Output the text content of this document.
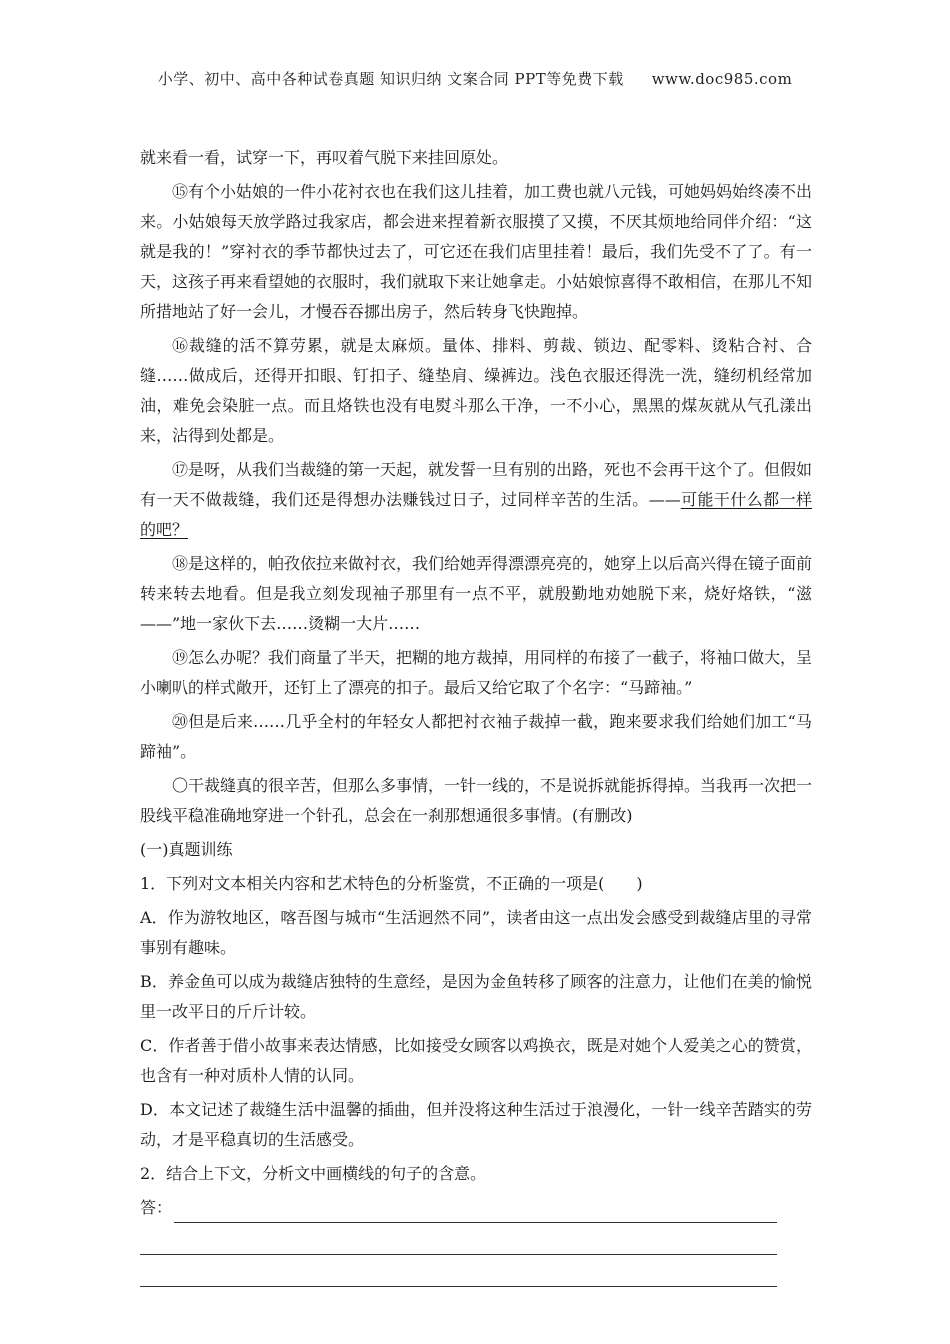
小学、初中、高中各种试卷真题 知识归纳 文案合同 PPT等免费下载 www.doc985.com

就来看一看，试穿一下，再叹着气脱下来挂回原处。

⑮有个小姑娘的一件小花衬衣也在我们这儿挂着，加工费也就八元钱，可她妈妈始终凑不出来。小姑娘每天放学路过我家店，都会进来捏着新衣服摸了又摸，不厌其烦地给同伴介绍：“这就是我的！”穿衬衣的季节都快过去了，可它还在我们店里挂着！最后，我们先受不了了。有一天，这孩子再来看望她的衣服时，我们就取下来让她拿走。小姑娘惊喜得不敢相信，在那儿不知所措地站了好一会儿，才慢吞吞挪出房子，然后转身飞快跑掉。

⑯裁缝的活不算劳累，就是太麻烦。量体、排料、剪裁、锁边、配零料、烫粘合衬、合缝……做成后，还得开扣眼、钉扣子、缝垫肩、缲裤边。浅色衣服还得洗一洗，缝纫机经常加油，难免会染脏一点。而且烙铁也没有电熨斗那么干净，一不小心，黑黑的煤灰就从气孔漾出来，沾得到处都是。

⑰是呀，从我们当裁缝的第一天起，就发誓一旦有别的出路，死也不会再干这个了。但假如有一天不做裁缝，我们还是得想办法赚钱过日子，过同样辛苦的生活。——可能干什么都一样的吧？

⑱是这样的，帕孜依拉来做衬衣，我们给她弄得漂漂亮亮的，她穿上以后高兴得在镜子面前转来转去地看。但是我立刻发现袖子那里有一点不平，就殷勤地劝她脱下来，烧好烙铁，“滋——”地一家伙下去……烫糊一大片……

⑲怎么办呢？我们商量了半天，把糊的地方裁掉，用同样的布接了一截子，将袖口做大，呈小喇叭的样式敞开，还钉上了漂亮的扣子。最后又给它取了个名字：“马蹄袖。”

⑳但是后来……几乎全村的年轻女人都把衬衣袖子裁掉一截，跑来要求我们给她们加工“马蹄袖”。

〇干裁缝真的很辛苦，但那么多事情，一针一线的，不是说拆就能拆得掉。当我再一次把一股线平稳准确地穿进一个针孔，总会在一刹那想通很多事情。(有删改)

(一)真题训练

1．下列对文本相关内容和艺术特色的分析鉴赏，不正确的一项是(　　)

A．作为游牧地区，喀吾图与城市“生活迥然不同”，读者由这一点出发会感受到裁缝店里的寻常事别有趣味。

B．养金鱼可以成为裁缝店独特的生意经，是因为金鱼转移了顾客的注意力，让他们在美的愉悦里一改平日的斤斤计较。

C．作者善于借小故事来表达情感，比如接受女顾客以鸡换衣，既是对她个人爱美之心的赞赏，也含有一种对质朴人情的认同。

D．本文记述了裁缝生活中温馨的插曲，但并没将这种生活过于浪漫化，一针一线辛苦踏实的劳动，才是平稳真切的生活感受。

2．结合上下文，分析文中画横线的句子的含意。

答：
